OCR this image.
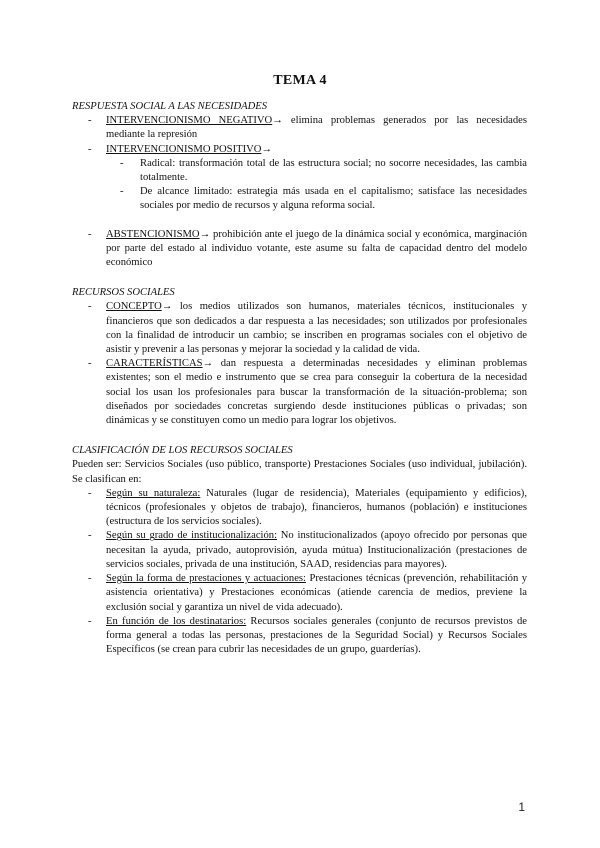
TEMA 4

RESPUESTA SOCIAL A LAS NECESIDADES

- INTERVENCIONISMO NEGATIVO→ elimina problemas generados por las necesidades mediante la represión
- INTERVENCIONISMO POSITIVO→
- Radical: transformación total de las estructura social; no socorre necesidades, las cambia totalmente.
- De alcance limitado: estrategia más usada en el capitalismo; satisface las necesidades sociales por medio de recursos y alguna reforma social.
- ABSTENCIONISMO→ prohibición ante el juego de la dinámica social y económica, marginación por parte del estado al individuo votante, este asume su falta de capacidad dentro del modelo económico

RECURSOS SOCIALES

- CONCEPTO→ los medios utilizados son humanos, materiales técnicos, institucionales y financieros que son dedicados a dar respuesta a las necesidades; son utilizados por profesionales con la finalidad de introducir un cambio; se inscriben en programas sociales con el objetivo de asistir y prevenir a las personas y mejorar la sociedad y la calidad de vida.
- CARACTERÍSTICAS→ dan respuesta a determinadas necesidades y eliminan problemas existentes; son el medio e instrumento que se crea para conseguir la cobertura de la necesidad social los usan los profesionales para buscar la transformación de la situación-problema; son diseñados por sociedades concretas surgiendo desde instituciones públicas o privadas; son dinámicas y se constituyen como un medio para lograr los objetivos.

CLASIFICACIÓN DE LOS RECURSOS SOCIALES

Pueden ser: Servicios Sociales (uso público, transporte) Prestaciones Sociales (uso individual, jubilación). Se clasifican en:

- Según su naturaleza: Naturales (lugar de residencia), Materiales (equipamiento y edificios), técnicos (profesionales y objetos de trabajo), financieros, humanos (población) e instituciones (estructura de los servicios sociales).
- Según su grado de institucionalización: No institucionalizados (apoyo ofrecido por personas que necesitan la ayuda, privado, autoprovisión, ayuda mútua) Institucionalización (prestaciones de servicios sociales, privada de una institución, SAAD, residencias para mayores).
- Según la forma de prestaciones y actuaciones: Prestaciones técnicas (prevención, rehabilitación y asistencia orientativa) y Prestaciones económicas (atiende carencia de medios, previene la exclusión social y garantiza un nivel de vida adecuado).
- En función de los destinatarios: Recursos sociales generales (conjunto de recursos previstos de forma general a todas las personas, prestaciones de la Seguridad Social) y Recursos Sociales Específicos (se crean para cubrir las necesidades de un grupo, guarderías).
1
